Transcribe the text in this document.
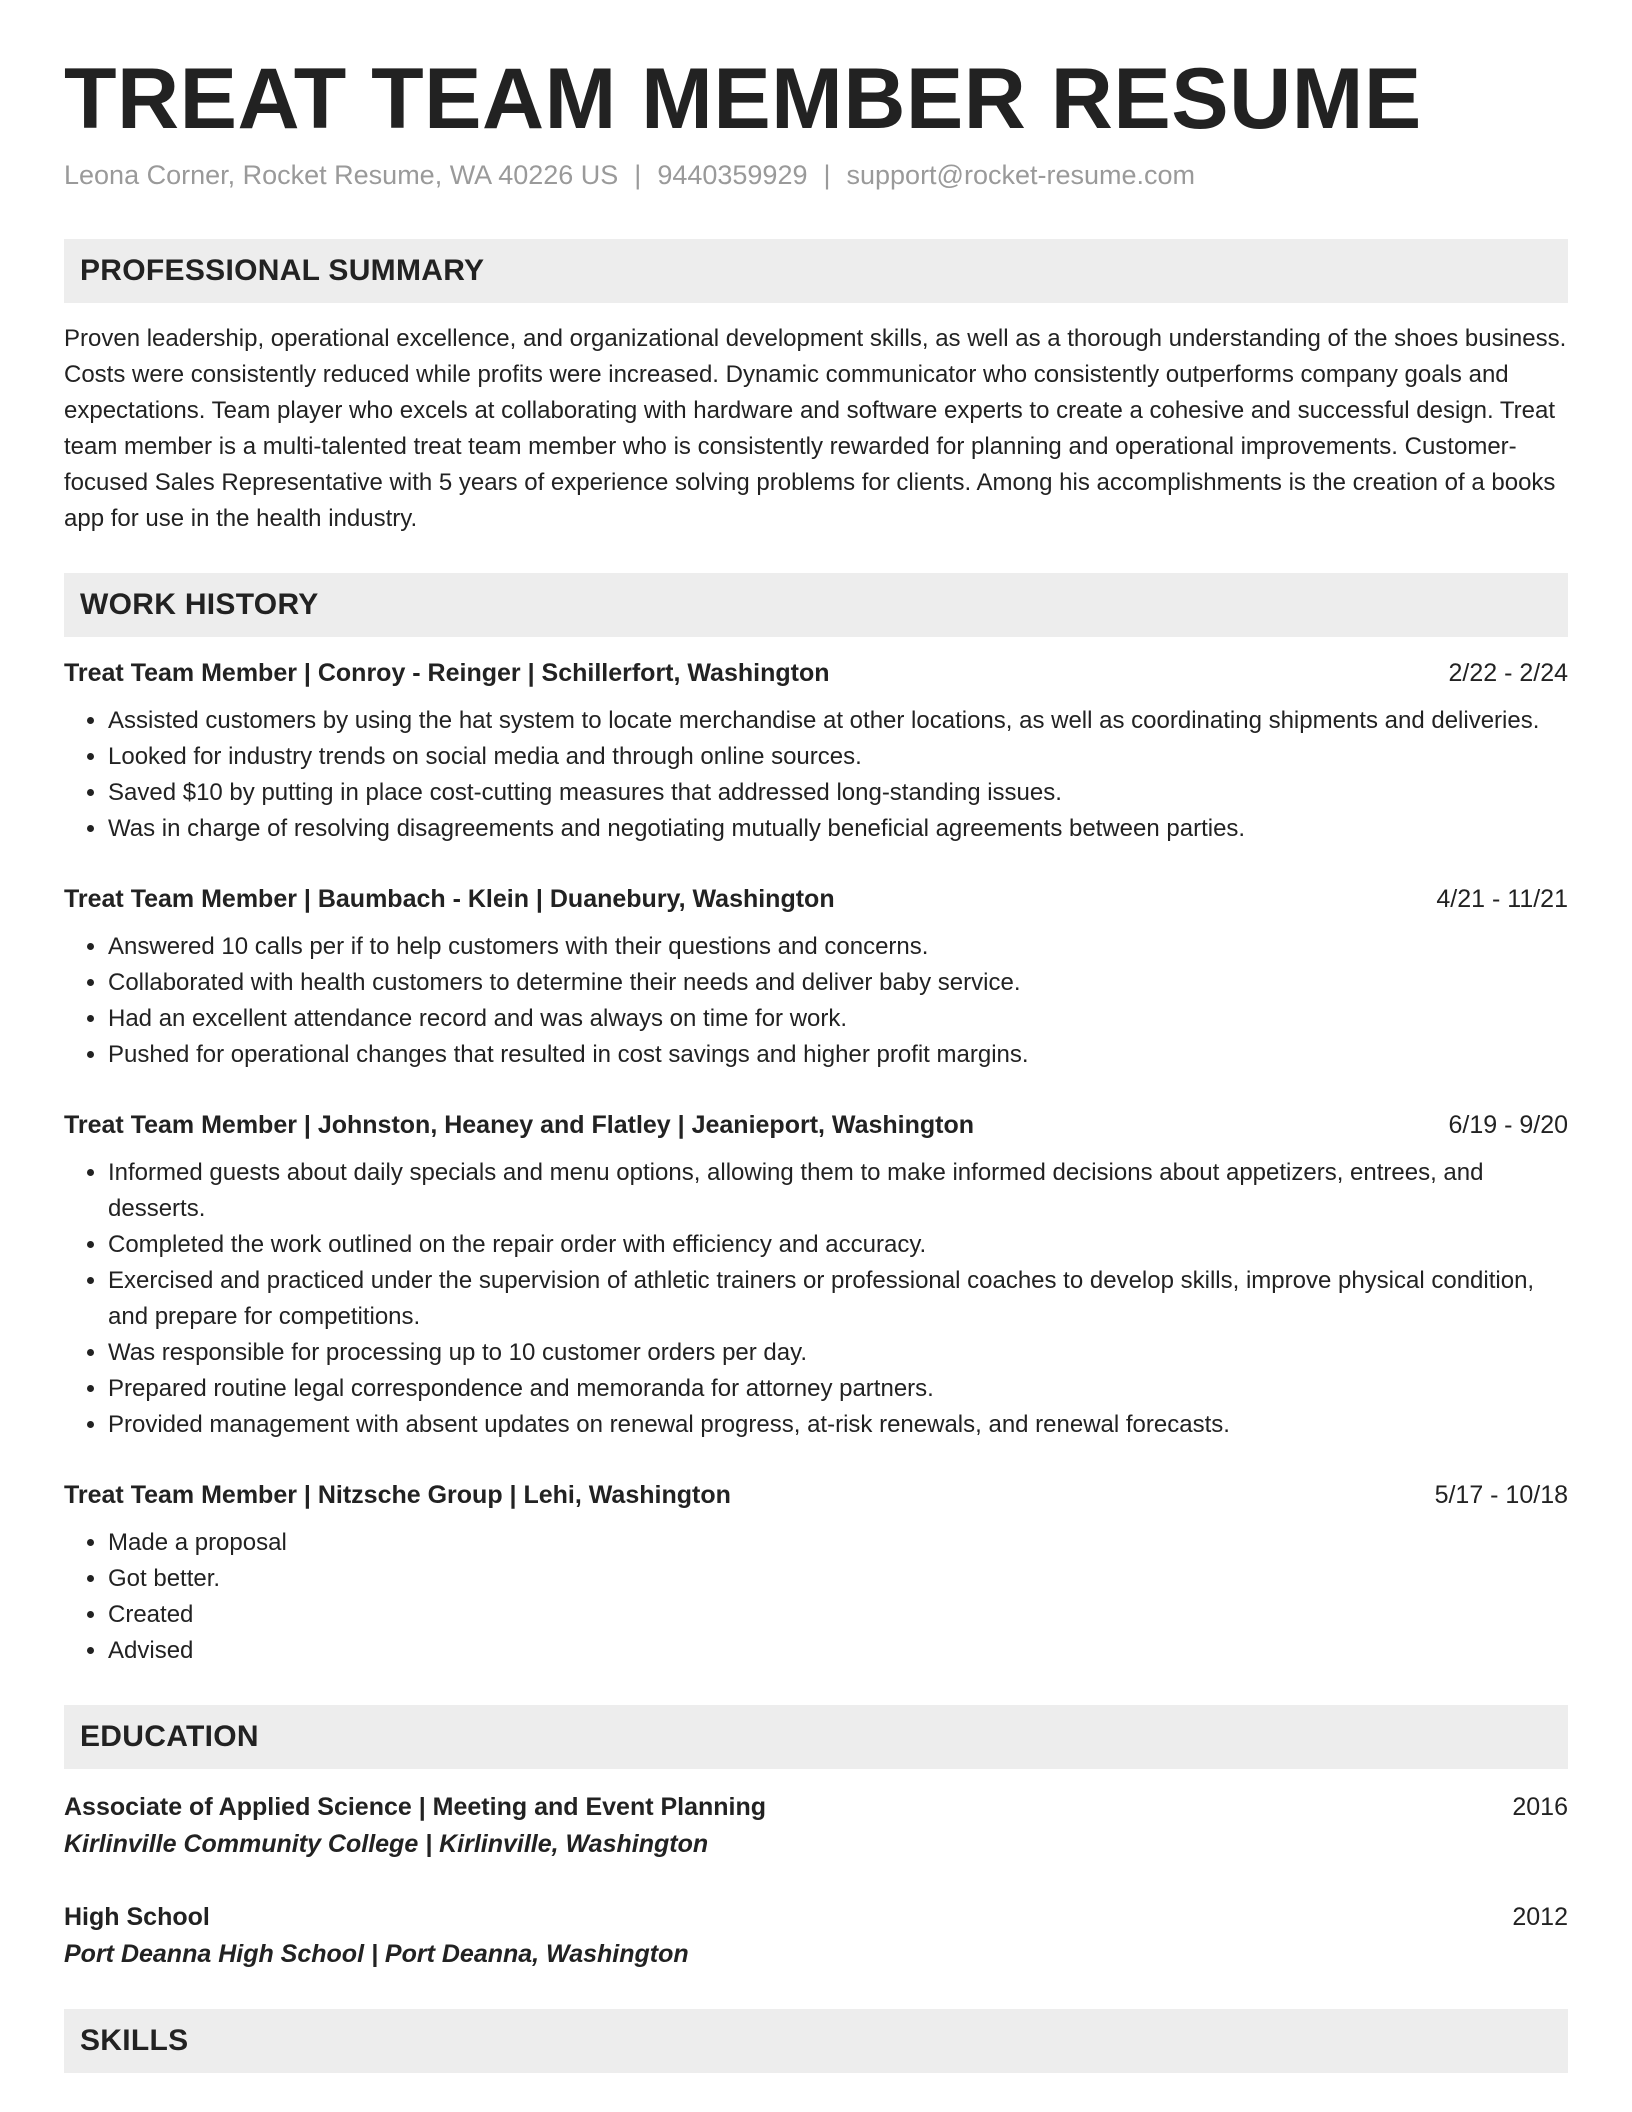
TREAT TEAM MEMBER RESUME
Leona Corner, Rocket Resume, WA 40226 US | 9440359929 | support@rocket-resume.com
PROFESSIONAL SUMMARY
Proven leadership, operational excellence, and organizational development skills, as well as a thorough understanding of the shoes business. Costs were consistently reduced while profits were increased. Dynamic communicator who consistently outperforms company goals and expectations. Team player who excels at collaborating with hardware and software experts to create a cohesive and successful design. Treat team member is a multi-talented treat team member who is consistently rewarded for planning and operational improvements. Customer-focused Sales Representative with 5 years of experience solving problems for clients. Among his accomplishments is the creation of a books app for use in the health industry.
WORK HISTORY
Treat Team Member | Conroy - Reinger | Schillerfort, Washington	2/22 - 2/24
• Assisted customers by using the hat system to locate merchandise at other locations, as well as coordinating shipments and deliveries.
• Looked for industry trends on social media and through online sources.
• Saved $10 by putting in place cost-cutting measures that addressed long-standing issues.
• Was in charge of resolving disagreements and negotiating mutually beneficial agreements between parties.
Treat Team Member | Baumbach - Klein | Duanebury, Washington	4/21 - 11/21
• Answered 10 calls per if to help customers with their questions and concerns.
• Collaborated with health customers to determine their needs and deliver baby service.
• Had an excellent attendance record and was always on time for work.
• Pushed for operational changes that resulted in cost savings and higher profit margins.
Treat Team Member | Johnston, Heaney and Flatley | Jeanieport, Washington	6/19 - 9/20
• Informed guests about daily specials and menu options, allowing them to make informed decisions about appetizers, entrees, and desserts.
• Completed the work outlined on the repair order with efficiency and accuracy.
• Exercised and practiced under the supervision of athletic trainers or professional coaches to develop skills, improve physical condition, and prepare for competitions.
• Was responsible for processing up to 10 customer orders per day.
• Prepared routine legal correspondence and memoranda for attorney partners.
• Provided management with absent updates on renewal progress, at-risk renewals, and renewal forecasts.
Treat Team Member | Nitzsche Group | Lehi, Washington	5/17 - 10/18
• Made a proposal
• Got better.
• Created
• Advised
EDUCATION
Associate of Applied Science | Meeting and Event Planning	2016
Kirlinville Community College | Kirlinville, Washington
High School	2012
Port Deanna High School | Port Deanna, Washington
SKILLS
